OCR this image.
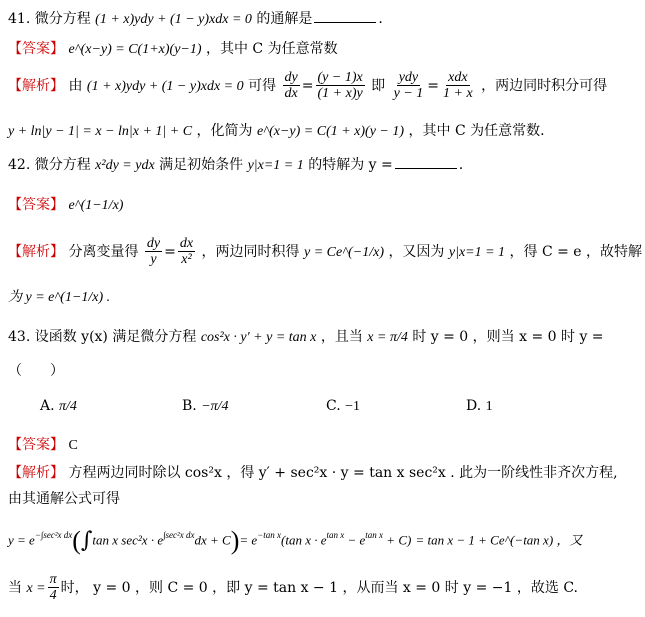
41. 微分方程 (1 + x)ydy + (1 − y)xdx = 0 的通解是	.
【答案】 e^(x−y) = C(1+x)(y−1) ，其中 C 为任意常数
【解析】 由 (1 + x)ydy + (1 − y)xdx = 0 可得 $\frac{dy}{dx} = \frac{(y - 1)x}{(1 + x)y}$ 即 $\frac{\text{ydy}}{y - 1} = \frac{\text{xdx}}{1 + x}$ ，两边同时积分可得
y + ln|y − 1| = x − ln|x + 1| + C ，化简为 e^(x−y) = C(1 + x)(y − 1) ，其中 C 为任意常数.
42. 微分方程 x²dy = ydx 满足初始条件 y|x=1 = 1 的特解为 y =	.
【答案】 e^(1−1/x)
【解析】 分离变量得 $\frac{dy}{y} = \frac{dx}{\text{x²}}$ ，两边同时积得 y = Ce^(−1/x) ，又因为 y|x=1 = 1 ，得 C = e ，故特解
为 y = e^(1−1/x) .
43. 设函数 y(x) 满足微分方程 cos²x · y′ + y = tan x ，且当 x = π/4 时 y = 0 ，则当 x = 0 时 y =
（　　）
A. π/4	B. −π/4	C. −1	D. 1
【答案】 C
【解析】 方程两边同时除以 cos²x ，得 y′ + sec²x · y = tan x sec²x . 此为一阶线性非齐次方程,
由其通解公式可得
$y = e^{-\int sec^2x dx}(\int\tan$ x $\sec^2x \cdot e^{\int sec^2x dx}dx + C)= e^{-tan x}(\tan$ $x \cdot e^{tan x} - e^{tan x} + C) = \tan x - 1$ + Ce^(−tan x) ，又
当 $x = \frac{\pi}{4}$ 时， y = 0 ，则 C = 0 ，即 y = tan x − 1 ，从而当 x = 0 时 y = −1 ，故选 C.
